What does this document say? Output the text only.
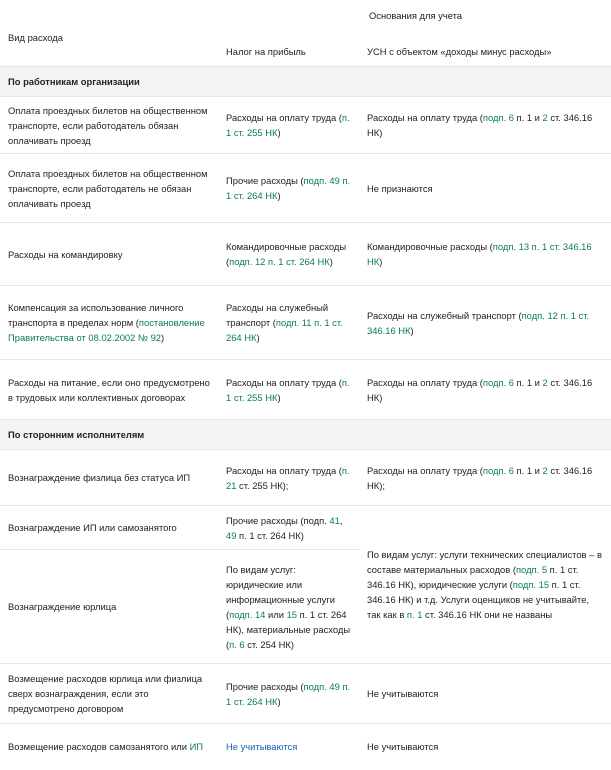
Вид расхода	Основания для учета	
	Налог на прибыль	УСН с объектом «доходы минус расходы»
По работникам организации		
Оплата проездных билетов на общественном транспорте, если работодатель обязан оплачивать проезд	Расходы на оплату труда (п. 1 ст. 255 НК)	Расходы на оплату труда (подп. 6 п. 1 и 2 ст. 346.16 НК)
Оплата проездных билетов на общественном транспорте, если работодатель не обязан оплачивать проезд	Прочие расходы (подп. 49 п. 1 ст. 264 НК)	Не признаются
Расходы на командировку	Командировочные расходы (подп. 12 п. 1 ст. 264 НК)	Командировочные расходы (подп. 13 п. 1 ст. 346.16 НК)
Компенсация за использование личного транспорта в пределах норм (постановление Правительства от 08.02.2002 № 92)	Расходы на служебный транспорт (подп. 11 п. 1 ст. 264 НК)	Расходы на служебный транспорт (подп. 12 п. 1 ст. 346.16 НК)
Расходы на питание, если оно предусмотрено в трудовых или коллективных договорах	Расходы на оплату труда (п. 1 ст. 255 НК)	Расходы на оплату труда (подп. 6 п. 1 и 2 ст. 346.16 НК)
По сторонним исполнителям		
Вознаграждение физлица без статуса ИП	Расходы на оплату труда (п. 21 ст. 255 НК);	Расходы на оплату труда (подп. 6 п. 1 и 2 ст. 346.16 НК);
Вознаграждение ИП или самозанятого	Прочие расходы (подп. 41, 49 п. 1 ст. 264 НК)	По видам услуг: услуги технических специалистов – в составе материальных расходов (подп. 5 п. 1 ст. 346.16 НК), юридические услуги (подп. 15 п. 1 ст. 346.16 НК) и т.д. Услуги оценщиков не учитывайте, так как в п. 1 ст. 346.16 НК они не названы
Вознаграждение юрлица	По видам услуг: юридические или информационные услуги (подп. 14 или 15 п. 1 ст. 264 НК), материальные расходы (п. 6 ст. 254 НК)	
Возмещение расходов юрлица или физлица сверх вознаграждения, если это предусмотрено договором	Прочие расходы (подп. 49 п. 1 ст. 264 НК)	Не учитываются
Возмещение расходов самозанятого или ИП	Не учитываются	Не учитываются
